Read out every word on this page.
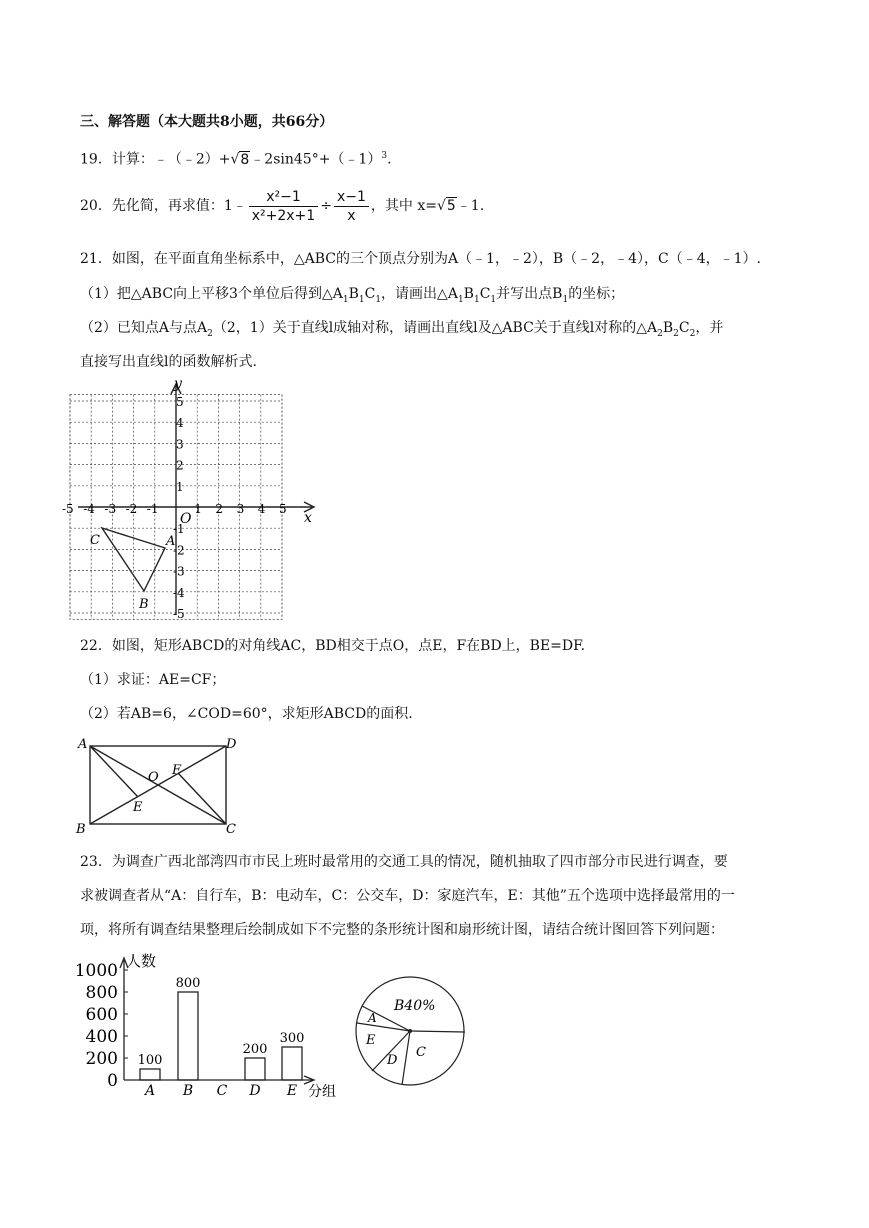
三、解答题（本大题共8小题，共66分）
19．计算：﹣（﹣2）+√8﹣2sin45°+（﹣1）$^3$.
20．先化简，再求值：1﹣ $\frac{\text{x²−1}}{\text{x²+2x+1}} \div \frac{x-1}{x}$ ，其中 x=√5﹣1.
21．如图，在平面直角坐标系中，△ABC的三个顶点分别为A（﹣1，﹣2），B（﹣2，﹣4），C（﹣4，﹣1）.
（1）把△ABC向上平移3个单位后得到$\triangle A_1B_1C_1$，请画出$\triangle A_1B_1C_1$并写出点$B_1$的坐标；
（2）已知点A与点$A_2(2$，1）关于直线l成轴对称，请画出直线l及△ABC关于直线l对称的$\triangle A_2B_2C_2$，并
直接写出直线l的函数解析式.
-5 -4 -3 -2 -1	1 2 3 4 5
5
4
3
2
1
-1
-2
-3
-4
-5
O	x
y
A
B
C
22．如图，矩形ABCD的对角线AC，BD相交于点O，点E，F在BD上，BE=DF.
（1）求证：AE=CF；
（2）若AB=6，∠COD=60°，求矩形ABCD的面积.
A	D
B	C
O F
E
23．为调查广西北部湾四市市民上班时最常用的交通工具的情况，随机抽取了四市部分市民进行调查，要
求被调查者从“A：自行车，B：电动车，C：公交车，D：家庭汽车，E：其他”五个选项中选择最常用的一
项，将所有调查结果整理后绘制成如下不完整的条形统计图和扇形统计图，请结合统计图回答下列问题：
人数
分组
1000
800
600
400
200
0
100
A
800
B C
200
D
300
E
B40%
A
E
D
C
